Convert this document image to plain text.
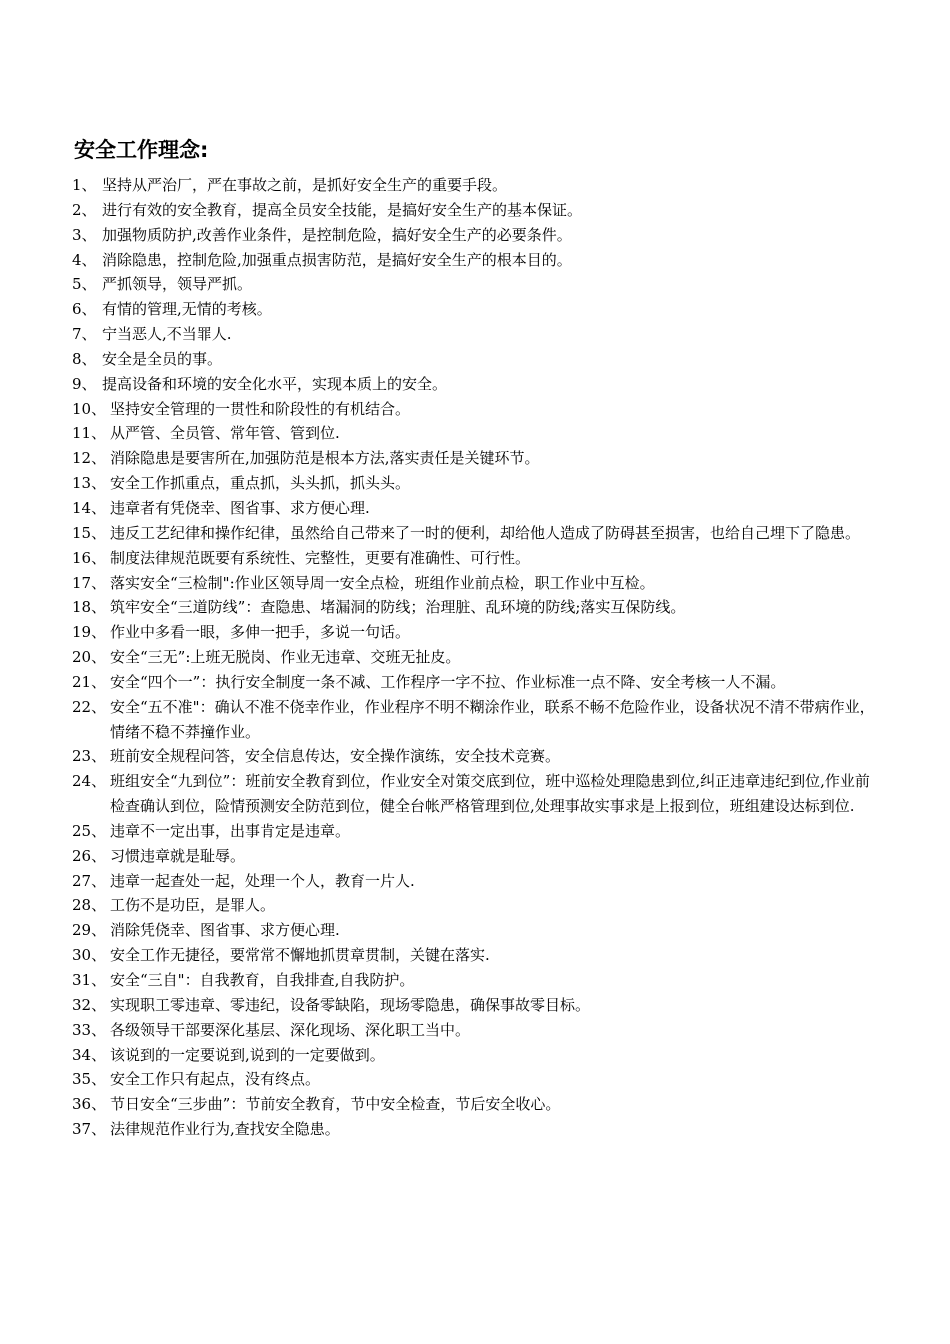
安全工作理念:
1、 坚持从严治厂，严在事故之前，是抓好安全生产的重要手段。
2、 进行有效的安全教育，提高全员安全技能，是搞好安全生产的基本保证。
3、 加强物质防护,改善作业条件，是控制危险，搞好安全生产的必要条件。
4、 消除隐患，控制危险,加强重点损害防范，是搞好安全生产的根本目的。
5、 严抓领导，领导严抓。
6、 有情的管理,无情的考核。
7、 宁当恶人,不当罪人.
8、 安全是全员的事。
9、 提高设备和环境的安全化水平，实现本质上的安全。
10、 坚持安全管理的一贯性和阶段性的有机结合。
11、 从严管、全员管、常年管、管到位.
12、 消除隐患是要害所在,加强防范是根本方法,落实责任是关键环节。
13、 安全工作抓重点，重点抓，头头抓，抓头头。
14、 违章者有凭侥幸、图省事、求方便心理.
15、 违反工艺纪律和操作纪律，虽然给自己带来了一时的便利，却给他人造成了防碍甚至损害，也给自己埋下了隐患。
16、 制度法律规范既要有系统性、完整性，更要有准确性、可行性。
17、 落实安全“三检制":作业区领导周一安全点检，班组作业前点检，职工作业中互检。
18、 筑牢安全“三道防线”：查隐患、堵漏洞的防线；治理脏、乱环境的防线;落实互保防线。
19、 作业中多看一眼，多伸一把手，多说一句话。
20、 安全“三无”:上班无脱岗、作业无违章、交班无扯皮。
21、 安全“四个一”：执行安全制度一条不减、工作程序一字不拉、作业标准一点不降、安全考核一人不漏。
22、 安全“五不准"：确认不准不侥幸作业，作业程序不明不糊涂作业，联系不畅不危险作业，设备状况不清不带病作业，情绪不稳不莽撞作业。
23、 班前安全规程问答，安全信息传达，安全操作演练，安全技术竞赛。
24、 班组安全“九到位”：班前安全教育到位，作业安全对策交底到位，班中巡检处理隐患到位,纠正违章违纪到位,作业前检查确认到位，险情预测安全防范到位，健全台帐严格管理到位,处理事故实事求是上报到位，班组建设达标到位.
25、 违章不一定出事，出事肯定是违章。
26、 习惯违章就是耻辱。
27、 违章一起查处一起，处理一个人，教育一片人.
28、 工伤不是功臣，是罪人。
29、 消除凭侥幸、图省事、求方便心理.
30、 安全工作无捷径，要常常不懈地抓贯章贯制，关键在落实.
31、 安全“三自"：自我教育，自我排查,自我防护。
32、 实现职工零违章、零违纪，设备零缺陷，现场零隐患，确保事故零目标。
33、 各级领导干部要深化基层、深化现场、深化职工当中。
34、 该说到的一定要说到,说到的一定要做到。
35、 安全工作只有起点，没有终点。
36、 节日安全“三步曲”：节前安全教育，节中安全检查，节后安全收心。
37、 法律规范作业行为,查找安全隐患。
